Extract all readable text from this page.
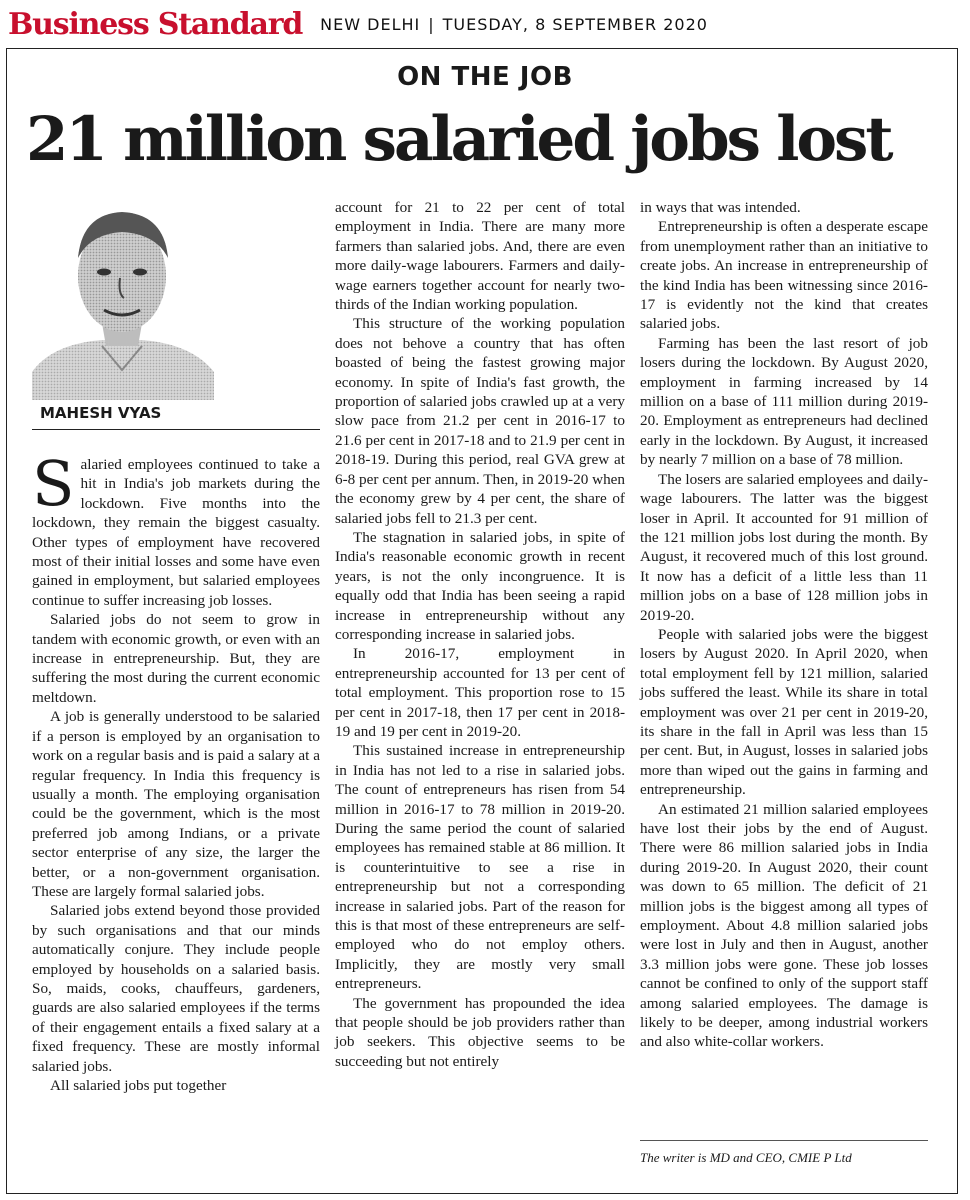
Business Standard NEW DELHI | TUESDAY, 8 SEPTEMBER 2020
ON THE JOB
21 million salaried jobs lost
MAHESH VYAS

Salaried employees continued to take a hit in India's job markets during the lockdown. Five months into the lockdown, they remain the biggest casualty. Other types of employment have recovered most of their initial losses and some have even gained in employment, but salaried employees continue to suffer increasing job losses.

Salaried jobs do not seem to grow in tandem with economic growth, or even with an increase in entrepreneurship. But, they are suffering the most during the current economic meltdown.

A job is generally understood to be salaried if a person is employed by an organisation to work on a regular basis and is paid a salary at a regular frequency. In India this frequency is usually a month. The employing organisation could be the government, which is the most preferred job among Indians, or a private sector enterprise of any size, the larger the better, or a non-government organisation. These are largely formal salaried jobs.

Salaried jobs extend beyond those provided by such organisations and that our minds automatically conjure. They include people employed by households on a salaried basis. So, maids, cooks, chauffeurs, gardeners, guards are also salaried employees if the terms of their engagement entails a fixed salary at a fixed frequency. These are mostly informal salaried jobs.

All salaried jobs put together

account for 21 to 22 per cent of total employment in India. There are many more farmers than salaried jobs. And, there are even more daily-wage labourers. Farmers and daily-wage earners together account for nearly two-thirds of the Indian working population.

This structure of the working population does not behove a country that has often boasted of being the fastest growing major economy. In spite of India's fast growth, the proportion of salaried jobs crawled up at a very slow pace from 21.2 per cent in 2016-17 to 21.6 per cent in 2017-18 and to 21.9 per cent in 2018-19. During this period, real GVA grew at 6-8 per cent per annum. Then, in 2019-20 when the economy grew by 4 per cent, the share of salaried jobs fell to 21.3 per cent.

The stagnation in salaried jobs, in spite of India's reasonable economic growth in recent years, is not the only incongruence. It is equally odd that India has been seeing a rapid increase in entrepreneurship without any corresponding increase in salaried jobs.

In 2016-17, employment in entrepreneurship accounted for 13 per cent of total employment. This proportion rose to 15 per cent in 2017-18, then 17 per cent in 2018-19 and 19 per cent in 2019-20.

This sustained increase in entrepreneurship in India has not led to a rise in salaried jobs. The count of entrepreneurs has risen from 54 million in 2016-17 to 78 million in 2019-20. During the same period the count of salaried employees has remained stable at 86 million. It is counterintuitive to see a rise in entrepreneurship but not a corresponding increase in salaried jobs. Part of the reason for this is that most of these entrepreneurs are self-employed who do not employ others. Implicitly, they are mostly very small entrepreneurs.

The government has propounded the idea that people should be job providers rather than job seekers. This objective seems to be succeeding but not entirely

in ways that was intended.

Entrepreneurship is often a desperate escape from unemployment rather than an initiative to create jobs. An increase in entrepreneurship of the kind India has been witnessing since 2016-17 is evidently not the kind that creates salaried jobs.

Farming has been the last resort of job losers during the lockdown. By August 2020, employment in farming increased by 14 million on a base of 111 million during 2019-20. Employment as entrepreneurs had declined early in the lockdown. By August, it increased by nearly 7 million on a base of 78 million.

The losers are salaried employees and daily-wage labourers. The latter was the biggest loser in April. It accounted for 91 million of the 121 million jobs lost during the month. By August, it recovered much of this lost ground. It now has a deficit of a little less than 11 million jobs on a base of 128 million jobs in 2019-20.

People with salaried jobs were the biggest losers by August 2020. In April 2020, when total employment fell by 121 million, salaried jobs suffered the least. While its share in total employment was over 21 per cent in 2019-20, its share in the fall in April was less than 15 per cent. But, in August, losses in salaried jobs more than wiped out the gains in farming and entrepreneurship.

An estimated 21 million salaried employees have lost their jobs by the end of August. There were 86 million salaried jobs in India during 2019-20. In August 2020, their count was down to 65 million. The deficit of 21 million jobs is the biggest among all types of employment. About 4.8 million salaried jobs were lost in July and then in August, another 3.3 million jobs were gone. These job losses cannot be confined to only of the support staff among salaried employees. The damage is likely to be deeper, among industrial workers and also white-collar workers.

The writer is MD and CEO, CMIE P Ltd
